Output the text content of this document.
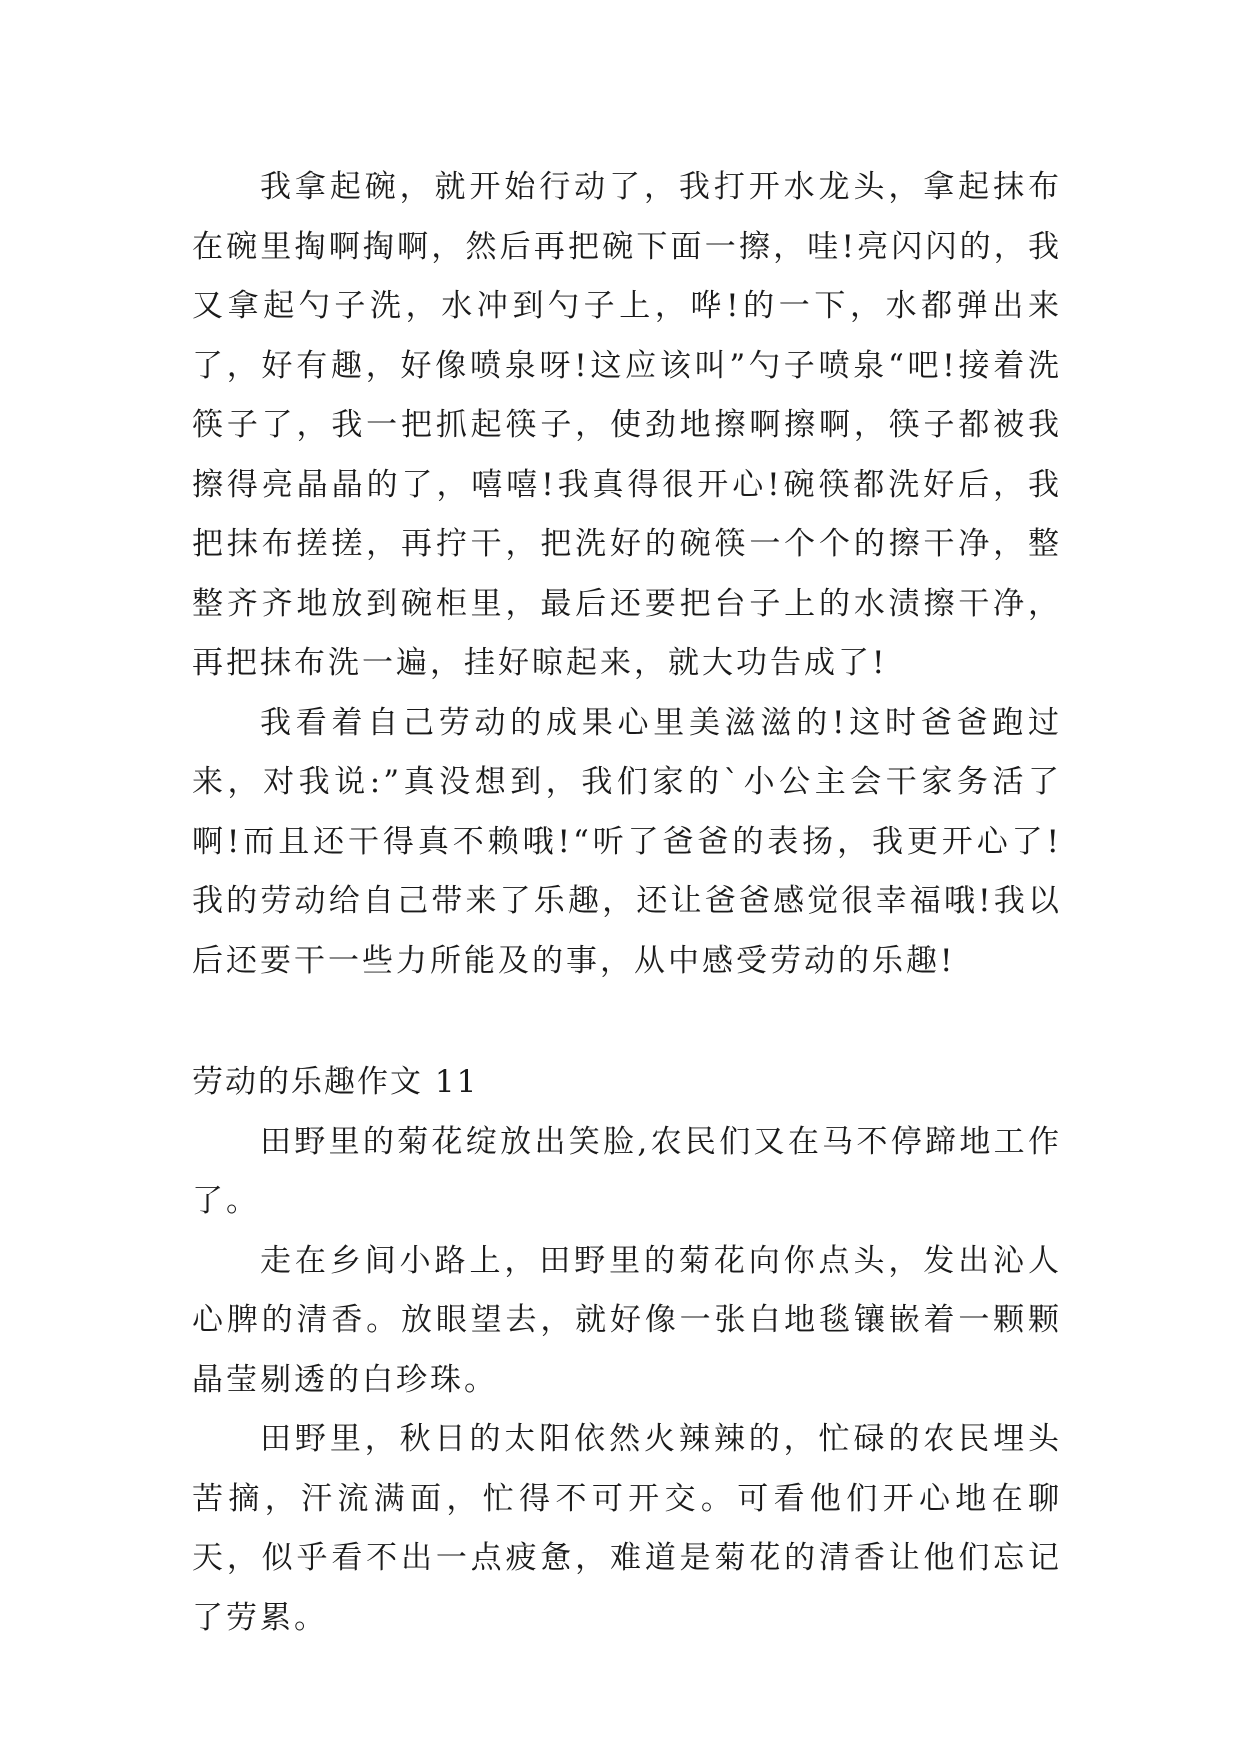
我拿起碗，就开始行动了，我打开水龙头，拿起抹布在碗里掏啊掏啊，然后再把碗下面一擦，哇!亮闪闪的，我又拿起勺子洗，水冲到勺子上，哗!的一下，水都弹出来了，好有趣，好像喷泉呀!这应该叫”勺子喷泉“吧!接着洗筷子了，我一把抓起筷子，使劲地擦啊擦啊，筷子都被我擦得亮晶晶的了，嘻嘻!我真得很开心!碗筷都洗好后，我把抹布搓搓，再拧干，把洗好的碗筷一个个的擦干净，整整齐齐地放到碗柜里，最后还要把台子上的水渍擦干净，再把抹布洗一遍，挂好晾起来，就大功告成了!

我看着自己劳动的成果心里美滋滋的!这时爸爸跑过来，对我说:”真没想到，我们家的`小公主会干家务活了啊!而且还干得真不赖哦!“听了爸爸的表扬，我更开心了!我的劳动给自己带来了乐趣，还让爸爸感觉很幸福哦!我以后还要干一些力所能及的事，从中感受劳动的乐趣!

劳动的乐趣作文 11

田野里的菊花绽放出笑脸,农民们又在马不停蹄地工作了。

走在乡间小路上，田野里的菊花向你点头，发出沁人心脾的清香。放眼望去，就好像一张白地毯镶嵌着一颗颗晶莹剔透的白珍珠。

田野里，秋日的太阳依然火辣辣的，忙碌的农民埋头苦摘，汗流满面，忙得不可开交。可看他们开心地在聊天，似乎看不出一点疲惫，难道是菊花的清香让他们忘记了劳累。
